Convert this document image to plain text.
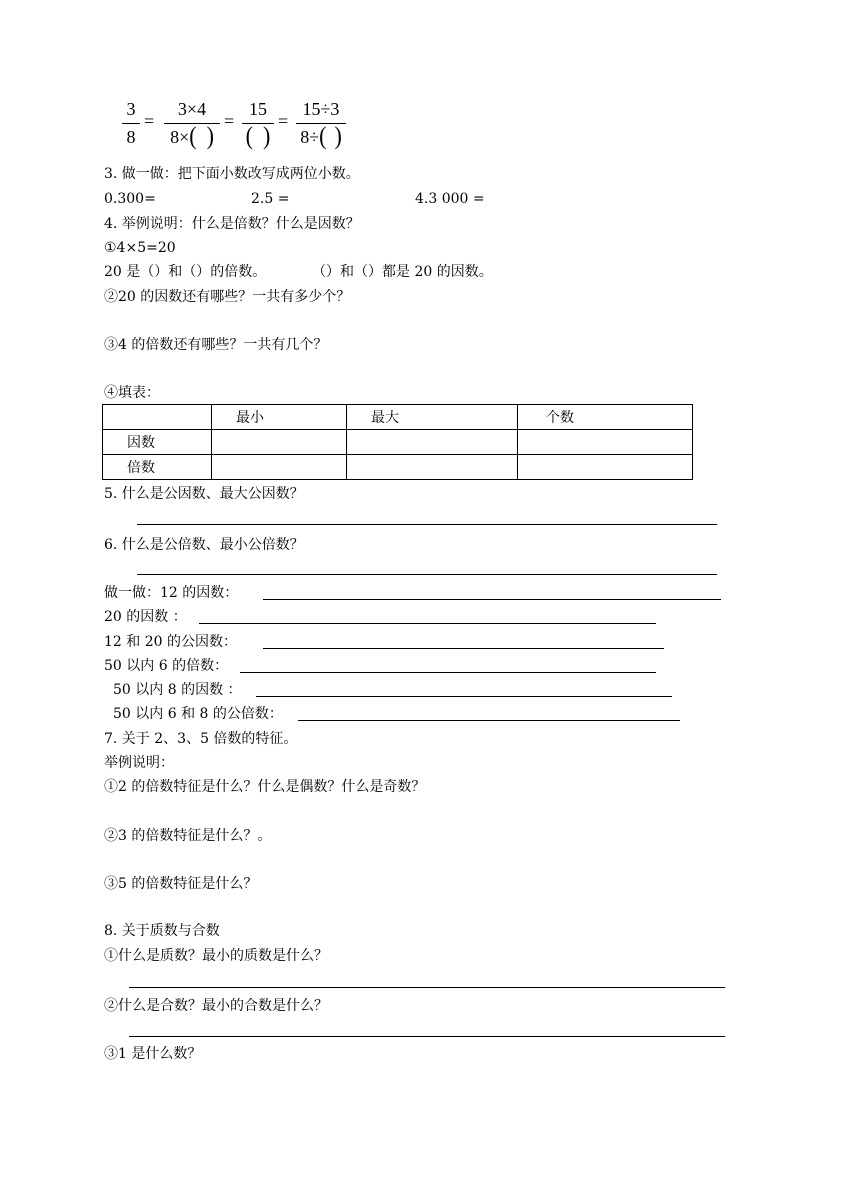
3
8
=
3×4
8×( )
=
15
( )
=
15÷3
8÷( )
3. 做一做：把下面小数改写成两位小数。
0.300=	2.5 =	4.3 000 =
4. 举例说明：什么是倍数？什么是因数？
①4×5=20
20 是（）和（）的倍数。	（）和（）都是 20 的因数。
②20 的因数还有哪些？一共有多少个？
③4 的倍数还有哪些？一共有几个？
④填表：
	最小	最大	个数
因数			
倍数			
5. 什么是公因数、最大公因数？
6. 什么是公倍数、最小公倍数？
做一做：12 的因数：
20 的因数 ：
12 和 20 的公因数：
50 以内 6 的倍数：
50 以内 8 的因数 ：
50 以内 6 和 8 的公倍数：
7. 关于 2、3、5 倍数的特征。
举例说明：
①2 的倍数特征是什么？什么是偶数？什么是奇数？
②3 的倍数特征是什么？。
③5 的倍数特征是什么？
8. 关于质数与合数
①什么是质数？最小的质数是什么？
②什么是合数？最小的合数是什么？
③1 是什么数？
